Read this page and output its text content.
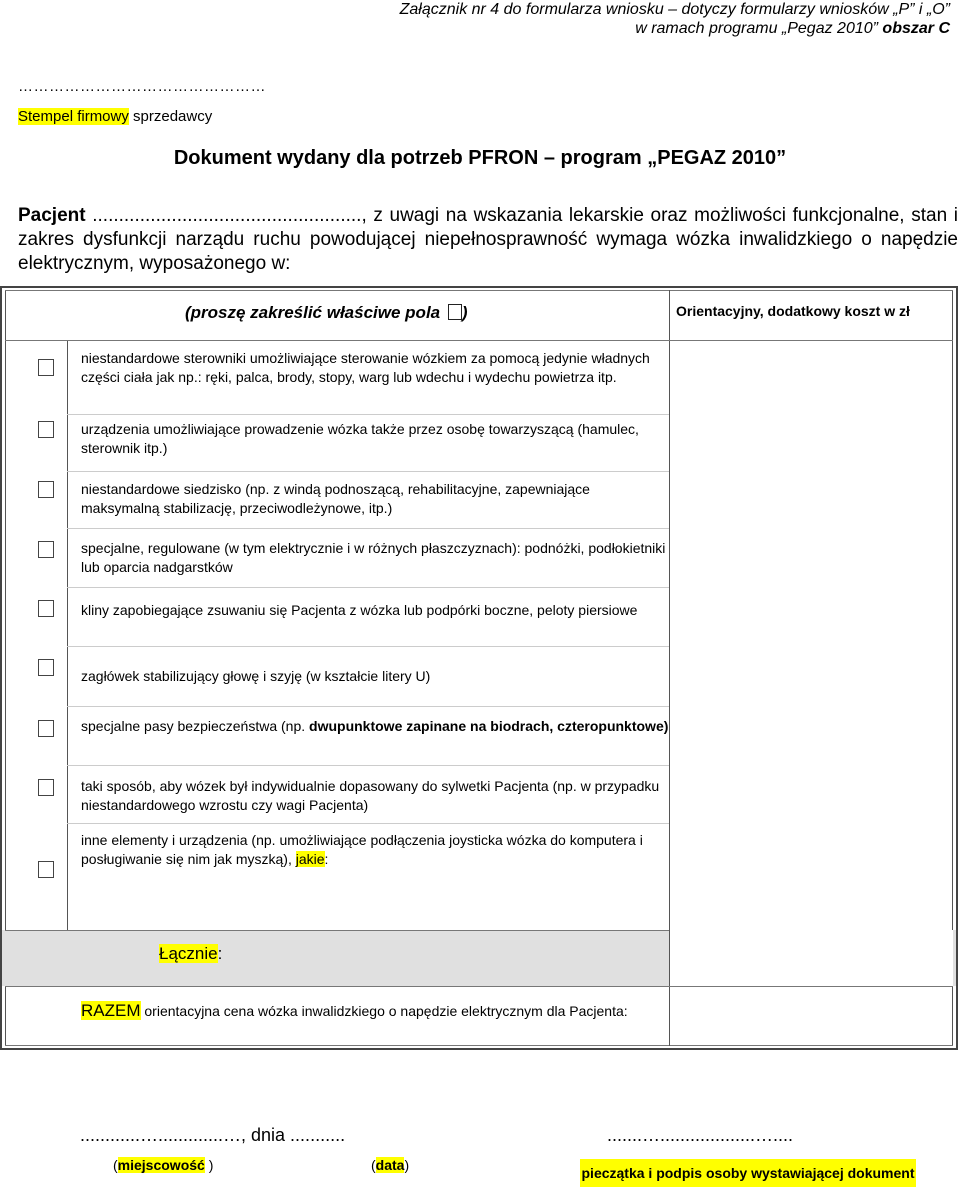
Załącznik nr 4 do formularza wniosku – dotyczy formularzy wniosków „P” i „O”
w ramach programu „Pegaz 2010” obszar C
…………………………………………
Stempel firmowy sprzedawcy
Dokument wydany dla potrzeb PFRON – program „PEGAZ 2010”
Pacjent ..................................................., z uwagi na wskazania lekarskie oraz możliwości funkcjonalne, stan i zakres dysfunkcji narządu ruchu powodującej niepełnosprawność wymaga wózka inwalidzkiego o napędzie elektrycznym, wyposażonego w:
(proszę zakreślić właściwe pola )	Orientacyjny, dodatkowy koszt w zł
niestandardowe sterowniki umożliwiające sterowanie wózkiem za pomocą jedynie władnych części ciała jak np.: ręki, palca, brody, stopy, warg lub wdechu i wydechu powietrza itp.
urządzenia umożliwiające prowadzenie wózka także przez osobę towarzyszącą (hamulec, sterownik itp.)
niestandardowe siedzisko (np. z windą podnoszącą, rehabilitacyjne, zapewniające maksymalną stabilizację, przeciwodleżynowe, itp.)
specjalne, regulowane (w tym elektrycznie i w różnych płaszczyznach): podnóżki, podłokietniki lub oparcia nadgarstków
kliny zapobiegające zsuwaniu się Pacjenta z wózka lub podpórki boczne, peloty piersiowe
zagłówek stabilizujący głowę i szyję (w kształcie litery U)
specjalne pasy bezpieczeństwa (np. dwupunktowe zapinane na biodrach, czteropunktowe)
taki sposób, aby wózek był indywidualnie dopasowany do sylwetki Pacjenta (np. w przypadku niestandardowego wzrostu czy wagi Pacjenta)
inne elementy i urządzenia (np. umożliwiające podłączenia joysticka wózka do komputera i posługiwanie się nim jak myszką), jakie:
Łącznie:
RAZEM orientacyjna cena wózka inwalidzkiego o napędzie elektrycznym dla Pacjenta:
............….............…, dnia ...........	.......…...................…....
(miejscowość )	(data)	pieczątka i podpis osoby wystawiającej dokument
